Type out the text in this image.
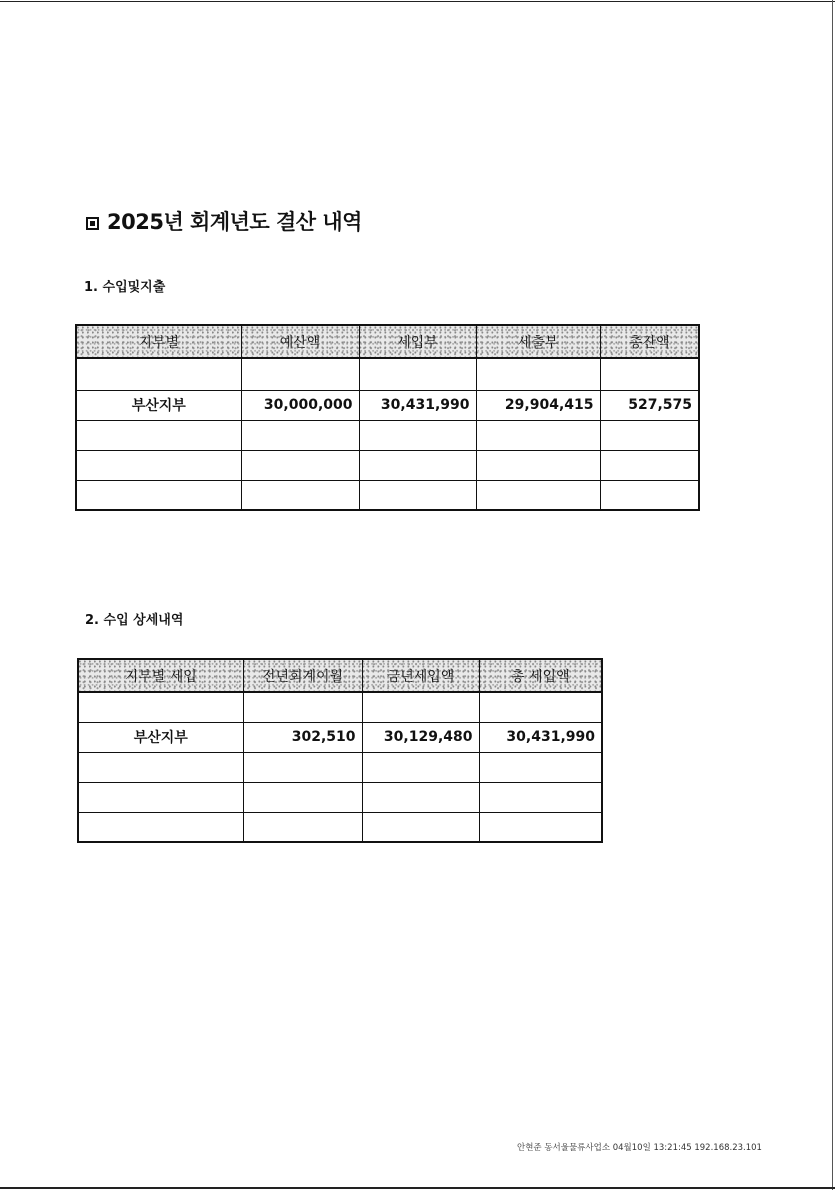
2025년 회계년도 결산 내역
1. 수입및지출
지부별	예산액	세입부	세출부	총잔액

부산지부	30,000,000	30,431,990	29,904,415	527,575

2. 수입 상세내역
지부별 세입	전년회계이월	금년세입액	총 세입액

부산지부	302,510	30,129,480	30,431,990

안현준 동서울물류사업소 04월10일 13:21:45 192.168.23.101
